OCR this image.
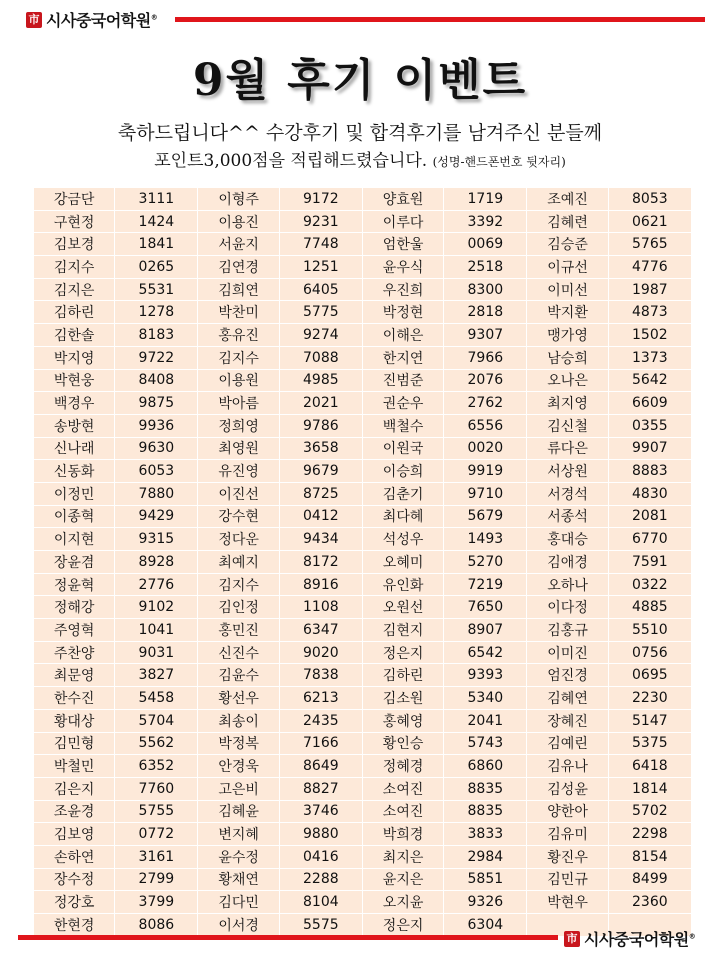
市 시사중국어학원®
9월 후기 이벤트
축하드립니다^^ 수강후기 및 합격후기를 남겨주신 분들께
포인트3,000점을 적립해드렸습니다. (성명-핸드폰번호 뒷자리)
강금단	3111	이형주	9172	양효원	1719	조예진	8053
구현정	1424	이용진	9231	이루다	3392	김혜련	0621
김보경	1841	서윤지	7748	엄한울	0069	김승준	5765
김지수	0265	김연경	1251	윤우식	2518	이규선	4776
김지은	5531	김희연	6405	우진희	8300	이미선	1987
김하린	1278	박찬미	5775	박정현	2818	박지환	4873
김한솔	8183	홍유진	9274	이해은	9307	맹가영	1502
박지영	9722	김지수	7088	한지연	7966	남승희	1373
박현웅	8408	이용원	4985	진범준	2076	오나은	5642
백경우	9875	박아름	2021	권순우	2762	최지영	6609
송방현	9936	정희영	9786	백철수	6556	김신철	0355
신나래	9630	최영원	3658	이원국	0020	류다은	9907
신동화	6053	유진영	9679	이승희	9919	서상원	8883
이정민	7880	이진선	8725	김춘기	9710	서경석	4830
이종혁	9429	강수현	0412	최다혜	5679	서종석	2081
이지현	9315	정다운	9434	석성우	1493	홍대승	6770
장윤겸	8928	최예지	8172	오혜미	5270	김애경	7591
정윤혁	2776	김지수	8916	유인화	7219	오하나	0322
정해강	9102	김인정	1108	오원선	7650	이다정	4885
주영혁	1041	홍민진	6347	김현지	8907	김홍규	5510
주찬양	9031	신진수	9020	정은지	6542	이미진	0756
최문영	3827	김윤수	7838	김하린	9393	엄진경	0695
한수진	5458	황선우	6213	김소원	5340	김혜연	2230
황대상	5704	최송이	2435	홍혜영	2041	장혜진	5147
김민형	5562	박정복	7166	황인승	5743	김예린	5375
박철민	6352	안경욱	8649	정혜경	6860	김유나	6418
김은지	7760	고은비	8827	소여진	8835	김성윤	1814
조윤경	5755	김혜윤	3746	소여진	8835	양한아	5702
김보영	0772	변지혜	9880	박희경	3833	김유미	2298
손하연	3161	윤수정	0416	최지은	2984	황진우	8154
장수정	2799	황채연	2288	윤지은	5851	김민규	8499
정강호	3799	김다민	8104	오지윤	9326	박현우	2360
한현경	8086	이서경	5575	정은지	6304		
市 시사중국어학원®
